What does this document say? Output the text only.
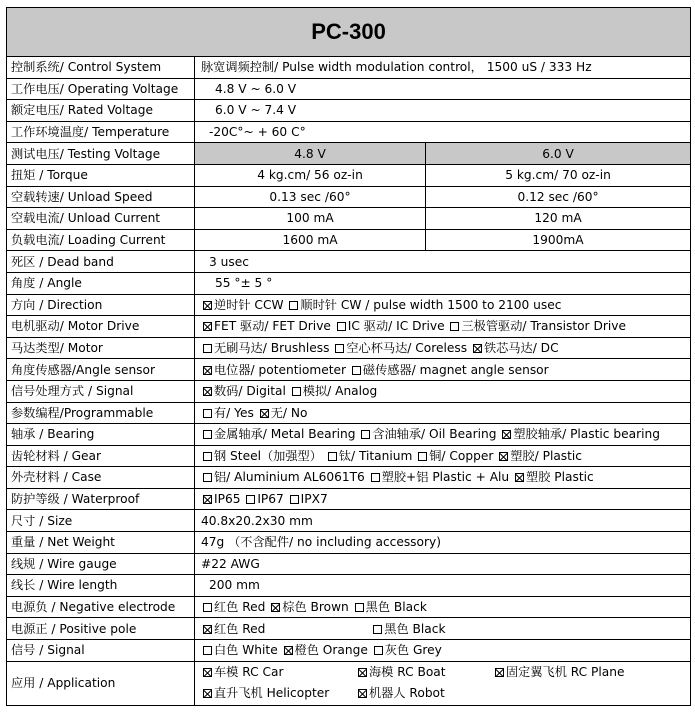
PC-300		
控制系统/ Control System	脉宽调频控制/ Pulse width modulation control， 1500 uS / 333 Hz	
工作电压/ Operating Voltage	4.8 V ~ 6.0 V	
额定电压/ Rated Voltage	6.0 V ~ 7.4 V	
工作环境温度/ Temperature	-20C°~ + 60 C°	
测试电压/ Testing Voltage	4.8 V	6.0 V
扭矩 / Torque	4 kg.cm/ 56 oz-in	5 kg.cm/ 70 oz-in
空载转速/ Unload Speed	0.13 sec /60°	0.12 sec /60°
空载电流/ Unload Current	100 mA	120 mA
负载电流/ Loading Current	1600 mA	1900mA
死区 / Dead band	3 usec	
角度 / Angle	55 °± 5 °	
方向 / Direction	逆时针 CCW 顺时针 CW / pulse width 1500 to 2100 usec	
电机驱动/ Motor Drive	FET 驱动/ FET Drive IC 驱动/ IC Drive 三极管驱动/ Transistor Drive	
马达类型/ Motor	无刷马达/ Brushless 空心杯马达/ Coreless 铁芯马达/ DC	
角度传感器/Angle sensor	电位器/ potentiometer 磁传感器/ magnet angle sensor	
信号处理方式 / Signal	数码/ Digital 模拟/ Analog	
参数编程/Programmable	有/ Yes 无/ No	
轴承 / Bearing	金属轴承/ Metal Bearing 含油轴承/ Oil Bearing 塑胶轴承/ Plastic bearing	
齿轮材料 / Gear	钢 Steel（加强型） 钛/ Titanium 铜/ Copper 塑胶/ Plastic	
外壳材料 / Case	铝/ Aluminium AL6061T6 塑胶+铝 Plastic + Alu 塑胶 Plastic	
防护等级 / Waterproof	IP65 IP67 IPX7	
尺寸 / Size	40.8x20.2x30 mm	
重量 / Net Weight	47g （不含配件/ no including accessory)	
线规 / Wire gauge	#22 AWG	
线长 / Wire length	200 mm	
电源负 / Negative electrode	红色 Red 棕色 Brown 黑色 Black	
电源正 / Positive pole	红色 Red 黑色 Black	
信号 / Signal	白色 White 橙色 Orange 灰色 Grey	
应用 / Application	车模 RC Car 海模 RC Boat 固定翼飞机 RC Plane
直升飞机 Helicopter 机器人 Robot	
